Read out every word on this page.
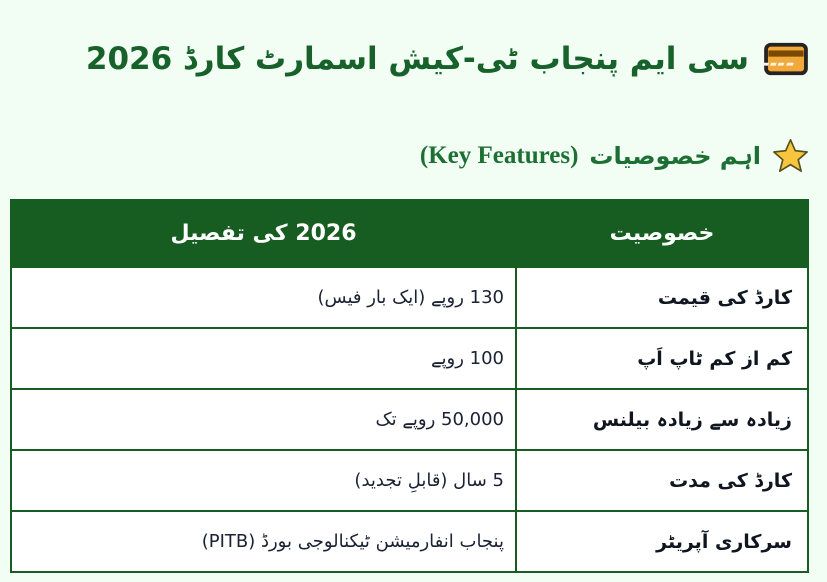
سی ایم پنجاب ٹی-کیش اسمارٹ کارڈ 2026
اہم خصوصیات
(Key Features)
خصوصیت	2026 کی تفصیل
کارڈ کی قیمت	130 روپے (ایک بار فیس)
کم از کم ٹاپ اَپ	100 روپے
زیادہ سے زیادہ بیلنس	50,000 روپے تک
کارڈ کی مدت	5 سال (قابلِ تجدید)
سرکاری آپریٹر	پنجاب انفارمیشن ٹیکنالوجی بورڈ (PITB)
